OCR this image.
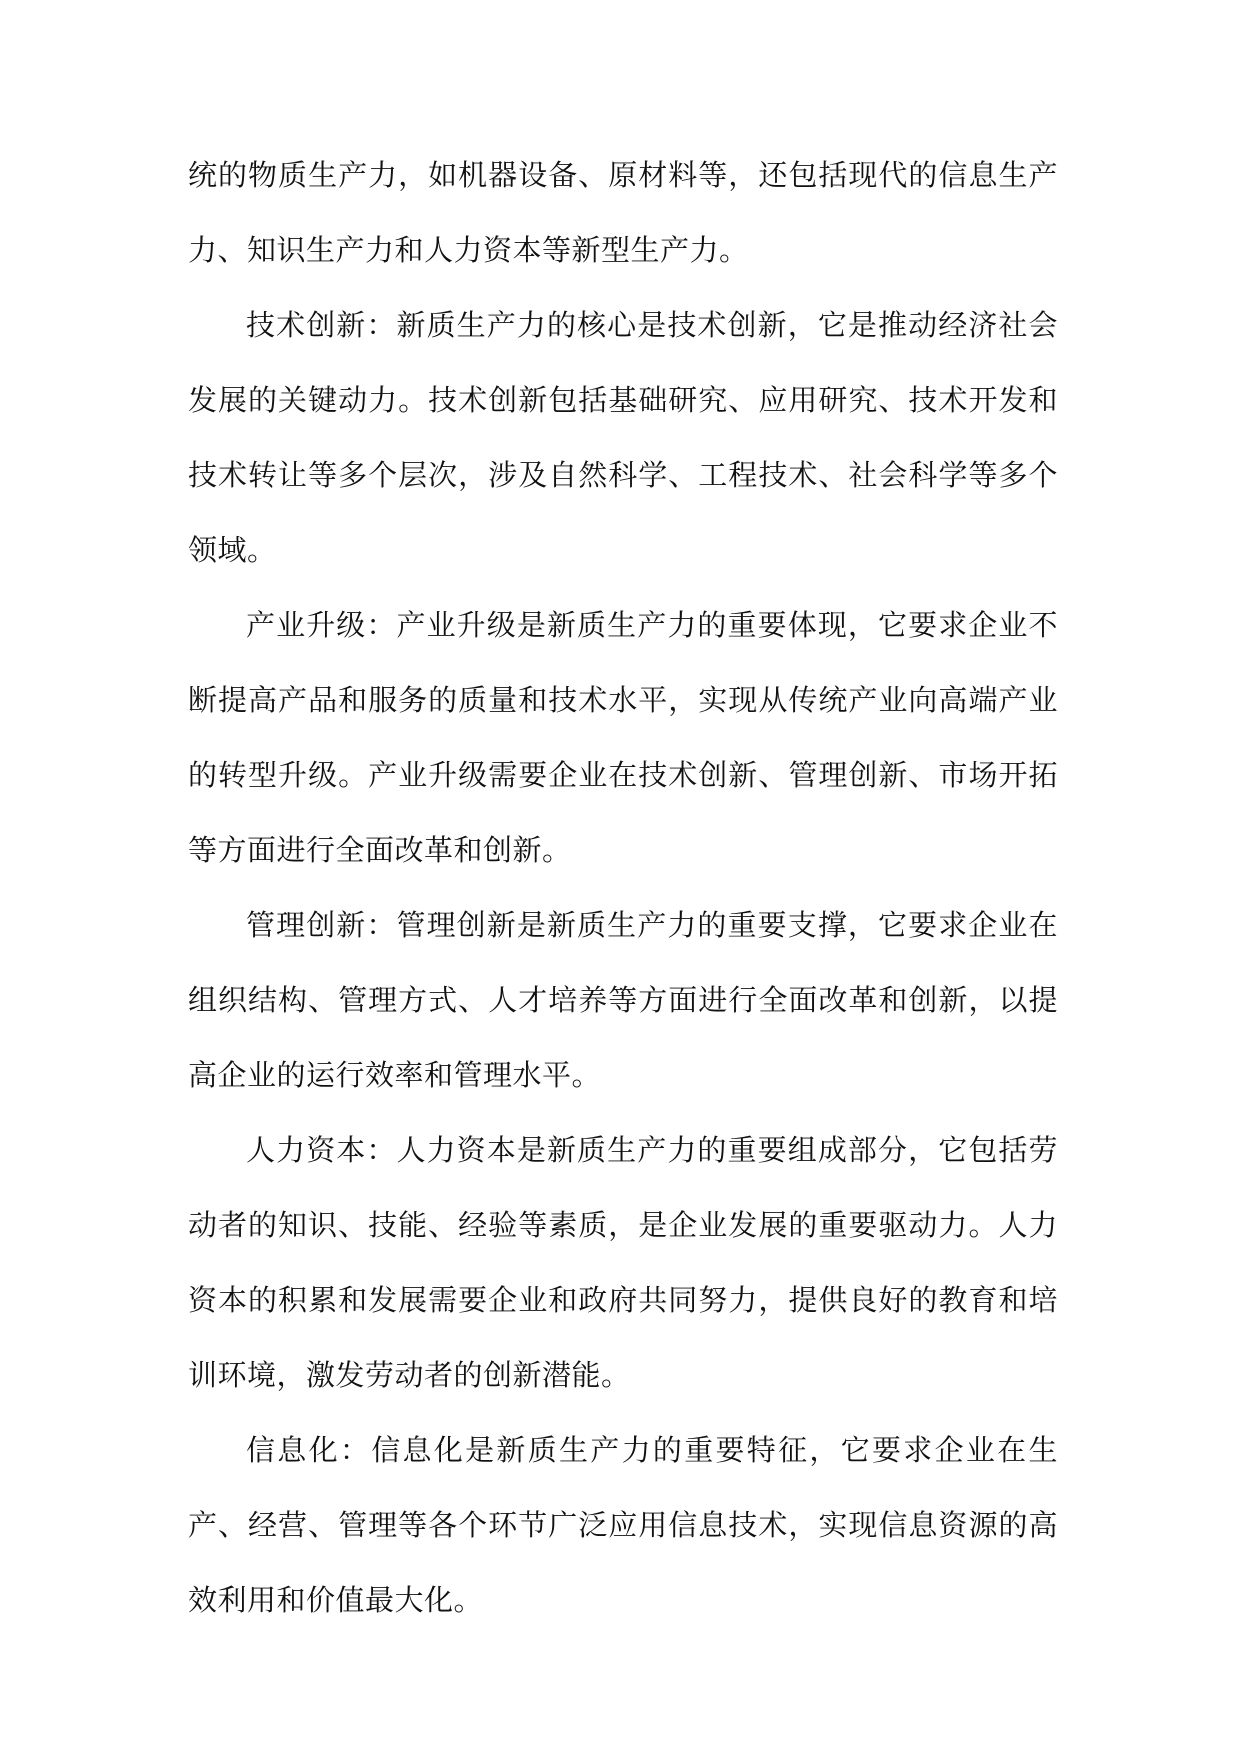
统的物质生产力，如机器设备、原材料等，还包括现代的信息生产力、知识生产力和人力资本等新型生产力。

技术创新：新质生产力的核心是技术创新，它是推动经济社会发展的关键动力。技术创新包括基础研究、应用研究、技术开发和技术转让等多个层次，涉及自然科学、工程技术、社会科学等多个领域。

产业升级：产业升级是新质生产力的重要体现，它要求企业不断提高产品和服务的质量和技术水平，实现从传统产业向高端产业的转型升级。产业升级需要企业在技术创新、管理创新、市场开拓等方面进行全面改革和创新。

管理创新：管理创新是新质生产力的重要支撑，它要求企业在组织结构、管理方式、人才培养等方面进行全面改革和创新，以提高企业的运行效率和管理水平。

人力资本：人力资本是新质生产力的重要组成部分，它包括劳动者的知识、技能、经验等素质，是企业发展的重要驱动力。人力资本的积累和发展需要企业和政府共同努力，提供良好的教育和培训环境，激发劳动者的创新潜能。

信息化：信息化是新质生产力的重要特征，它要求企业在生产、经营、管理等各个环节广泛应用信息技术，实现信息资源的高效利用和价值最大化。
